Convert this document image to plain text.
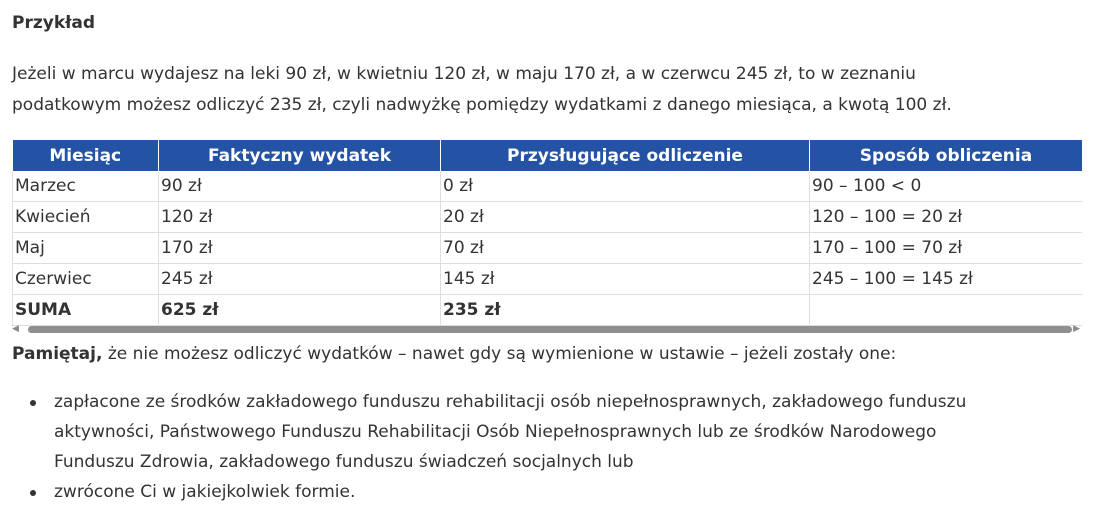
Przykład

Jeżeli w marcu wydajesz na leki 90 zł, w kwietniu 120 zł, w maju 170 zł, a w czerwcu 245 zł, to w zeznaniu

podatkowym możesz odliczyć 235 zł, czyli nadwyżkę pomiędzy wydatkami z danego miesiąca, a kwotą 100 zł.

Miesiąc	Faktyczny wydatek	Przysługujące odliczenie	Sposób obliczenia
Marzec	90 zł	0 zł	90 – 100 < 0
Kwiecień	120 zł	20 zł	120 – 100 = 20 zł
Maj	170 zł	70 zł	170 – 100 = 70 zł
Czerwiec	245 zł	145 zł	245 – 100 = 145 zł
SUMA	625 zł	235 zł	
◀	▶
Pamiętaj, że nie możesz odliczyć wydatków – nawet gdy są wymienione w ustawie – jeżeli zostały one:
zapłacone ze środków zakładowego funduszu rehabilitacji osób niepełnosprawnych, zakładowego funduszu
aktywności, Państwowego Funduszu Rehabilitacji Osób Niepełnosprawnych lub ze środków Narodowego
Funduszu Zdrowia, zakładowego funduszu świadczeń socjalnych lub
zwrócone Ci w jakiejkolwiek formie.
